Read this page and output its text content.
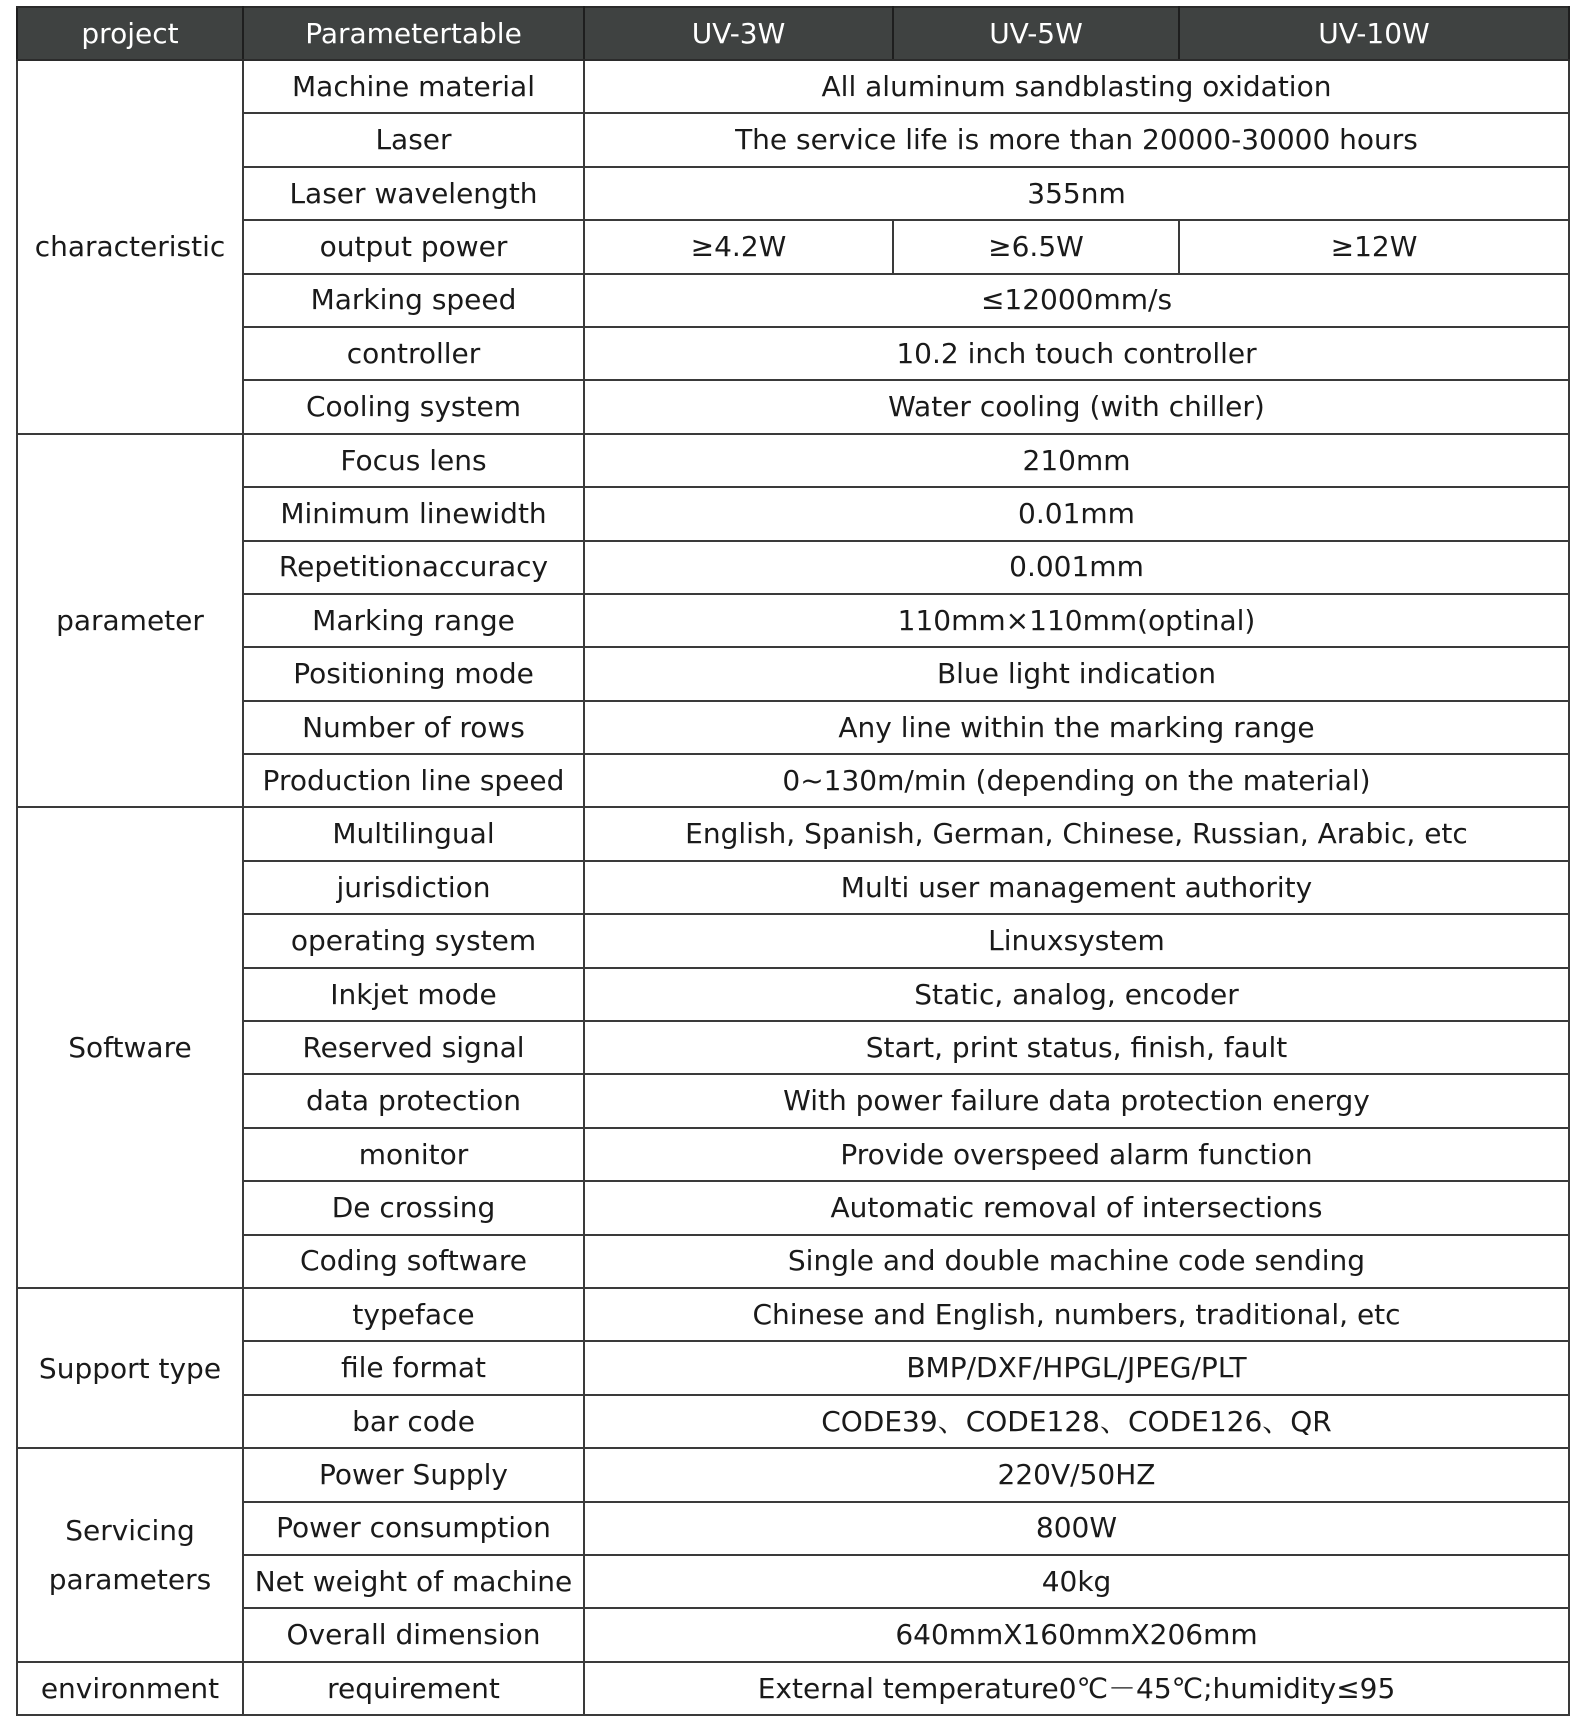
project	Parametertable	UV-3W	UV-5W	UV-10W
characteristic	Machine material	All aluminum sandblasting oxidation		
	Laser	The service life is more than 20000-30000 hours		
	Laser wavelength	355nm		
	output power	≥4.2W	≥6.5W	≥12W
	Marking speed	≤12000mm/s		
	controller	10.2 inch touch controller		
	Cooling system	Water cooling (with chiller)		
parameter	Focus lens	210mm		
	Minimum linewidth	0.01mm		
	Repetitionaccuracy	0.001mm		
	Marking range	110mm×110mm(optinal)		
	Positioning mode	Blue light indication		
	Number of rows	Any line within the marking range		
	Production line speed	0~130m/min (depending on the material)		
Software	Multilingual	English, Spanish, German, Chinese, Russian, Arabic, etc		
	jurisdiction	Multi user management authority		
	operating system	Linuxsystem		
	Inkjet mode	Static, analog, encoder		
	Reserved signal	Start, print status, finish, fault		
	data protection	With power failure data protection energy		
	monitor	Provide overspeed alarm function		
	De crossing	Automatic removal of intersections		
	Coding software	Single and double machine code sending		
Support type	typeface	Chinese and English, numbers, traditional, etc		
	file format	BMP/DXF/HPGL/JPEG/PLT		
	bar code	CODE39、CODE128、CODE126、QR		
Servicing parameters	Power Supply	220V/50HZ		
	Power consumption	800W		
	Net weight of machine	40kg		
	Overall dimension	640mmX160mmX206mm		
environment	requirement	External temperature0℃－45℃;humidity≤95		
